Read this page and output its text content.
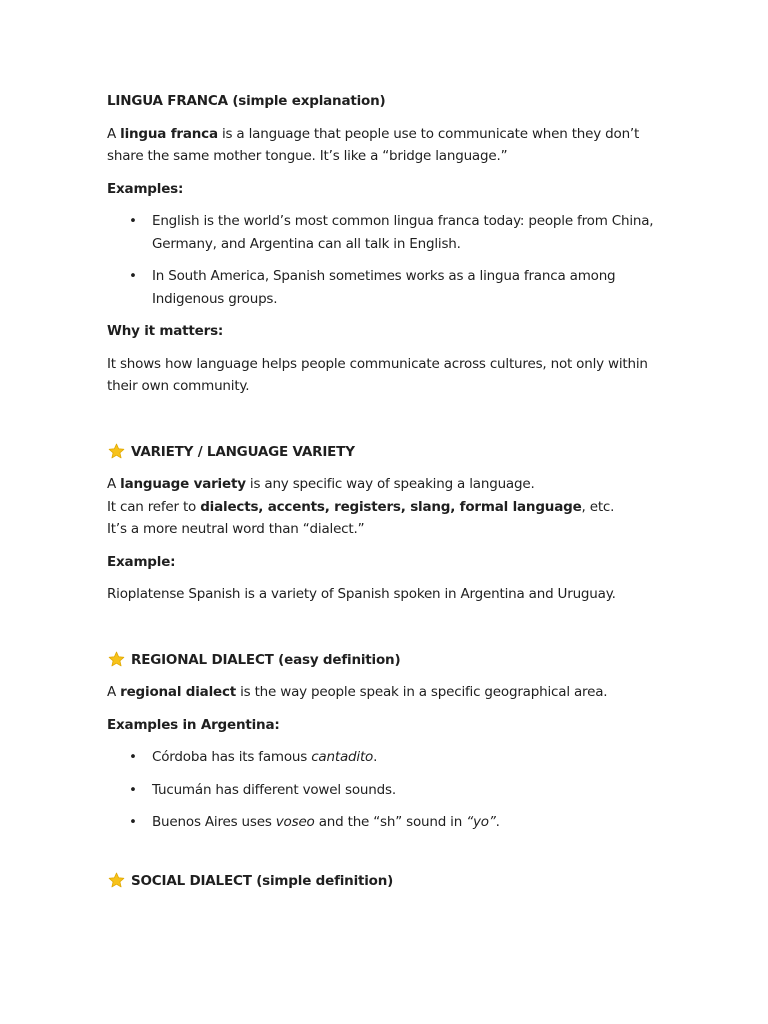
LINGUA FRANCA (simple explanation)

A lingua franca is a language that people use to communicate when they don’t share the same mother tongue. It’s like a “bridge language.”

Examples:

• English is the world’s most common lingua franca today: people from China, Germany, and Argentina can all talk in English.
• In South America, Spanish sometimes works as a lingua franca among Indigenous groups.

Why it matters:

It shows how language helps people communicate across cultures, not only within their own community.

VARIETY / LANGUAGE VARIETY

A language variety is any specific way of speaking a language.

It can refer to dialects, accents, registers, slang, formal language, etc.

It’s a more neutral word than “dialect.”

Example:

Rioplatense Spanish is a variety of Spanish spoken in Argentina and Uruguay.

REGIONAL DIALECT (easy definition)

A regional dialect is the way people speak in a specific geographical area.

Examples in Argentina:

• Córdoba has its famous cantadito.
• Tucumán has different vowel sounds.
• Buenos Aires uses voseo and the “sh” sound in “yo”.
SOCIAL DIALECT (simple definition)
